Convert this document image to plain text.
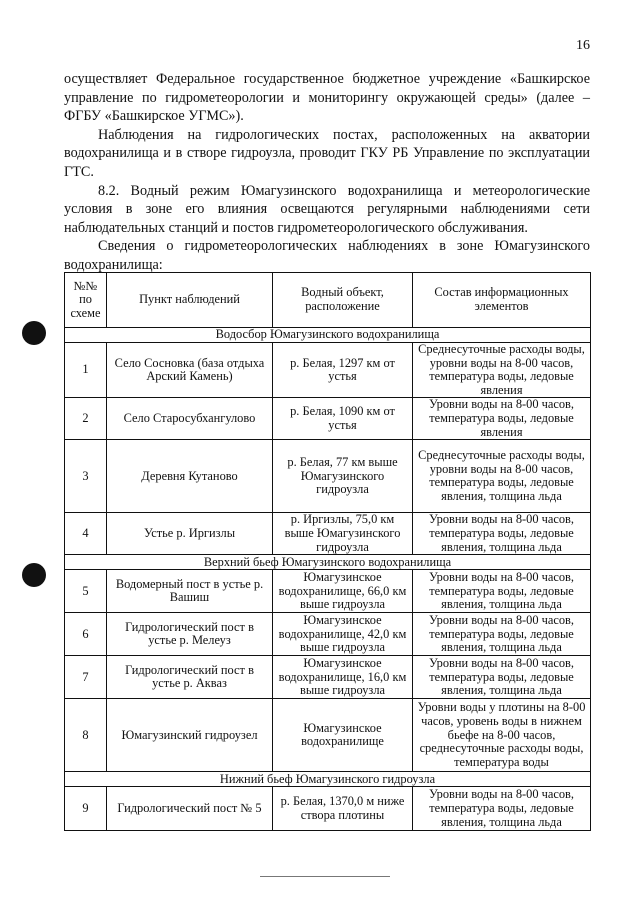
16

осуществляет Федеральное государственное бюджетное учреждение «Башкирское управление по гидрометеорологии и мониторингу окружающей среды» (далее – ФГБУ «Башкирское УГМС»).

Наблюдения на гидрологических постах, расположенных на акватории водохранилища и в створе гидроузла, проводит ГКУ РБ Управление по эксплуатации ГТС.

8.2. Водный режим Юмагузинского водохранилища и метеорологические условия в зоне его влияния освещаются регулярными наблюдениями сети наблюдательных станций и постов гидрометеорологического обслуживания.

Сведения о гидрометеорологических наблюдениях в зоне Юмагузинского водохранилища:

№№ по схеме	Пункт наблюдений	Водный объект, расположение	Состав информационных элементов
Водосбор Юмагузинского водохранилища			
1	Село Сосновка (база отдыха Арский Камень)	р. Белая, 1297 км от устья	Среднесуточные расходы воды, уровни воды на 8-00 часов, температура воды, ледовые явления
2	Село Старосубхангулово	р. Белая, 1090 км от устья	Уровни воды на 8-00 часов, температура воды, ледовые явления
3	Деревня Кутаново	р. Белая, 77 км выше Юмагузинского гидроузла	Среднесуточные расходы воды, уровни воды на 8-00 часов, температура воды, ледовые явления, толщина льда
4	Устье р. Иргизлы	р. Иргизлы, 75,0 км выше Юмагузинского гидроузла	Уровни воды на 8-00 часов, температура воды, ледовые явления, толщина льда
Верхний бьеф Юмагузинского водохранилища			
5	Водомерный пост в устье р. Вашиш	Юмагузинское водохранилище, 66,0 км выше гидроузла	Уровни воды на 8-00 часов, температура воды, ледовые явления, толщина льда
6	Гидрологический пост в устье р. Мелеуз	Юмагузинское водохранилище, 42,0 км выше гидроузла	Уровни воды на 8-00 часов, температура воды, ледовые явления, толщина льда
7	Гидрологический пост в устье р. Акваз	Юмагузинское водохранилище, 16,0 км выше гидроузла	Уровни воды на 8-00 часов, температура воды, ледовые явления, толщина льда
8	Юмагузинский гидроузел	Юмагузинское водохранилище	Уровни воды у плотины на 8-00 часов, уровень воды в нижнем бьефе на 8-00 часов, среднесуточные расходы воды, температура воды
Нижний бьеф Юмагузинского гидроузла			
9	Гидрологический пост № 5	р. Белая, 1370,0 м ниже створа плотины	Уровни воды на 8-00 часов, температура воды, ледовые явления, толщина льда
